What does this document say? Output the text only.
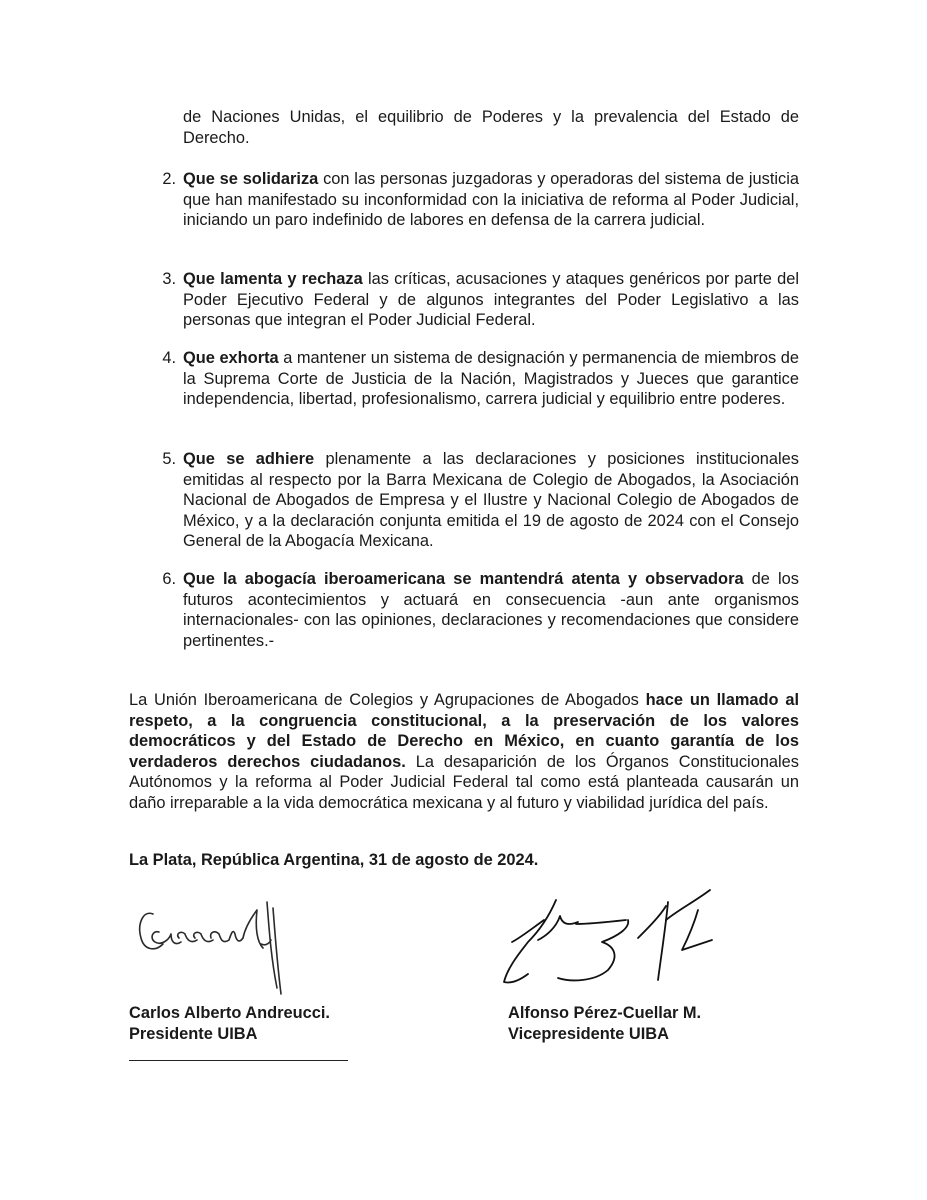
de Naciones Unidas, el equilibrio de Poderes y la prevalencia del Estado de Derecho.
2. Que se solidariza con las personas juzgadoras y operadoras del sistema de justicia que han manifestado su inconformidad con la iniciativa de reforma al Poder Judicial, iniciando un paro indefinido de labores en defensa de la carrera judicial.
3. Que lamenta y rechaza las críticas, acusaciones y ataques genéricos por parte del Poder Ejecutivo Federal y de algunos integrantes del Poder Legislativo a las personas que integran el Poder Judicial Federal.
4. Que exhorta a mantener un sistema de designación y permanencia de miembros de la Suprema Corte de Justicia de la Nación, Magistrados y Jueces que garantice independencia, libertad, profesionalismo, carrera judicial y equilibrio entre poderes.
5. Que se adhiere plenamente a las declaraciones y posiciones institucionales emitidas al respecto por la Barra Mexicana de Colegio de Abogados, la Asociación Nacional de Abogados de Empresa y el Ilustre y Nacional Colegio de Abogados de México, y a la declaración conjunta emitida el 19 de agosto de 2024 con el Consejo General de la Abogacía Mexicana.
6. Que la abogacía iberoamericana se mantendrá atenta y observadora de los futuros acontecimientos y actuará en consecuencia -aun ante organismos internacionales- con las opiniones, declaraciones y recomendaciones que considere pertinentes.-
La Unión Iberoamericana de Colegios y Agrupaciones de Abogados hace un llamado al respeto, a la congruencia constitucional, a la preservación de los valores democráticos y del Estado de Derecho en México, en cuanto garantía de los verdaderos derechos ciudadanos. La desaparición de los Órganos Constitucionales Autónomos y la reforma al Poder Judicial Federal tal como está planteada causarán un daño irreparable a la vida democrática mexicana y al futuro y viabilidad jurídica del país.
La Plata, República Argentina, 31 de agosto de 2024.
Carlos Alberto Andreucci.
Presidente UIBA
Alfonso Pérez-Cuellar M.
Vicepresidente UIBA
